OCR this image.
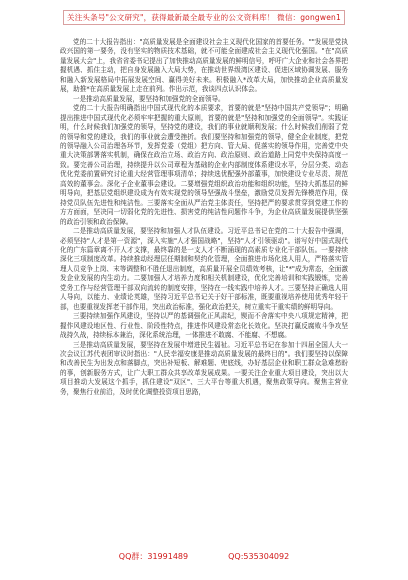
关注头条号"公文研究"，获得最新最全最专业的公文资料库！ 微信：gongwen1

党的二十大报告指出："高质量发展是全面建设社会主义现代化国家的首要任务。""发展是党执政兴国的第一要务，没有坚实的物质技术基础，就不可能全面建成社会主义现代化强国。"在"高质量发展大会"上，我省省委书记提出了加快推动高质量发展的鲜明信号，呼吁广大企业和社会各界把握机遇、抓住主动，把自身发展融入大局大势，在推动世界级湾区建设、促进区域协调发展、服务和融入新发展格局中拓展发展空间、赢得美好未来。积极融入*改革大局，加快推动企业高质量发展，助推*在高质量发展上走在前列。作出示范，我谈四点认识体会。

一是推动高质量发展，要坚持和加强党的全面领导。

党的二十大报告明确指出中国式现代化的本质要求，首要的就是"坚持中国共产党领导"；明确提出推进中国式现代化必须牢牢把握的重大原则，首要的就是"坚持和加强党的全面领导"。实践证明，什么时候我们加强党的领导，坚持党的建设，我们的事业就顺利发展；什么时候我们削弱了党的领导和党的建设，我们的事业就会遭受挫折。我们要坚持和加强党的领导，健全企业制度，把党的领导融入公司治理各环节，发挥党委（党组）把方向、管大局、促落实的领导作用，完善党中央重大决策部署落实机制，确保在政治立场、政治方向、政治原则、政治道路上同党中央保持高度一致。要完善公司治理，持续提升以公司章程为基础的企业内部制度体系建设水平，分层分类、动态优化党委前置研究讨论重大经营管理事项清单；持续选优配强外部董事，加快建设专业尽责、规范高效的董事会。深化子企业董事会建设。二要增强党组织政治功能和组织功能，坚持大抓基层的鲜明导向，把基层党组织建设成为有效实现党的领导坚强战斗堡垒，激励党员发挥先锋模范作用，保持党员队伍先进性和纯洁性。三要落实全面从严治党主体责任，坚持把严的要求贯穿到党建工作的方方面面，坚决同一切弱化党的先进性、损害党的纯洁性问题作斗争，为企业高质量发展提供坚强的政治引领和政治保障。

二是推动高质量发展，要坚持和加强人才队伍建设。习近平总书记在党的二十大报告中强调，必须坚持"人才是第一资源"，深入实施"人才强国战略"，坚持"人才引领驱动"。谱写好中国式现代化的广东篇章离不开人才支撑，最终靠的是一支人才不断涌现的高素质专业化干部队伍。一要持续深化三项制度改革。持续推动经理层任期制和契约化管理，全面推进市场化选人用人，严格落实管理人员竞争上岗、末等调整和不胜任退出制度，高质量开展全员绩效考核，让"*"成为常态，全面激发企业发展的内生动力。二要加强人才培养力度和相关机制建设，优化完善培训和实践锻炼，完善党务工作与经营管理干部双向流转的制度安排，坚持在一线实践中培养人才。三要坚持正确选人用人导向，以能力、业绩论英雄，坚持习近平总书记关于好干部标准，既要重视培养使用优秀年轻干部，也要重视发挥老干部作用，突出政治标准，强化政治把关，树立重实干重实绩的鲜明导向。

三要持续加强作风建设，坚持以严的基调强化正风肃纪，锲而不舍落实中央八项规定精神，把握作风建设地区性、行业性、阶段性特点，推进作风建设常态化长效化。坚决打赢反腐败斗争攻坚战持久战，持续标本兼治，深化系统治理，一体推进不敢腐、不能腐、不想腐。

三是推动高质量发展，要坚持在发展中增进民生福祉。习近平总书记在参加十四届全国人大一次会议江苏代表团审议时指出："人民幸福安康是推动高质量发展的最终目的"。我们要坚持以保障和改善民生为出发点和落脚点，突出补短板、解难题、兜底线，办好基层企业和职工群众急难愁盼的事，创新服务方式，让广大职工群众共享改革发展成果。一要关注企业重大项目建设，突出以大项目推动大发展这个抓手，抓住建设"双区"、三大平台等重大机遇，聚焦政策导向。聚焦主营业务，聚焦行业前沿，及时优化调整投资项目思路，

QQ群：31991489	QQ:535304092
